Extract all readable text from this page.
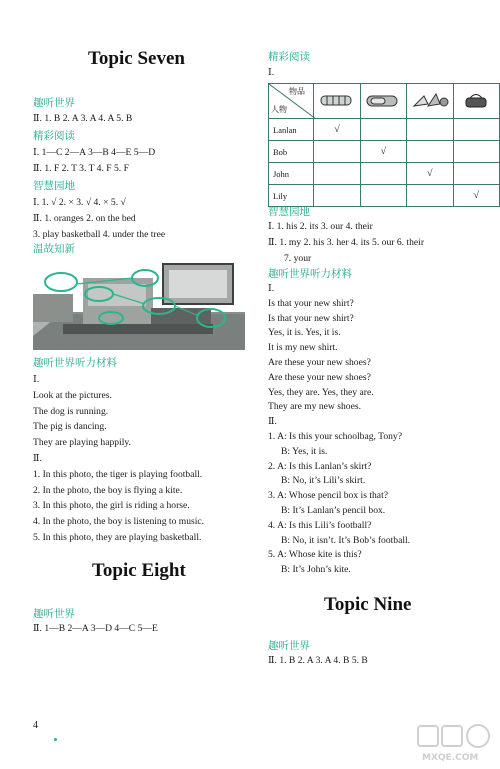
Topic Seven
趣听世界
Ⅱ. 1. B 2. A 3. A 4. A 5. B
精彩阅读
Ⅰ. 1—C 2—A 3—B 4—E 5—D
Ⅱ. 1. F 2. T 3. T 4. F 5. F
智慧园地
Ⅰ. 1. √ 2. × 3. √ 4. × 5. √
Ⅱ. 1. oranges 2. on the bed
3. play basketball 4. under the tree
温故知新
趣听世界听力材料
Ⅰ.
Look at the pictures.
The dog is running.
The pig is dancing.
They are playing happily.
Ⅱ.
1. In this photo, the tiger is playing football.
2. In the photo, the boy is flying a kite.
3. In this photo, the girl is riding a horse.
4. In the photo, the boy is listening to music.
5. In this photo, they are playing basketball.
Topic Eight
趣听世界
Ⅱ. 1—B 2—A 3—D 4—C 5—E
4
精彩阅读
Ⅰ.
物品
人物

Lanlan	√			
Bob		√		
John			√	
Lily				√
智慧园地
Ⅰ. 1. his 2. its 3. our 4. their
Ⅱ. 1. my 2. his 3. her 4. its 5. our 6. their
7. your
趣听世界听力材料
Ⅰ.
Is that your new shirt?
Is that your new shirt?
Yes, it is. Yes, it is.
It is my new shirt.
Are these your new shoes?
Are these your new shoes?
Yes, they are. Yes, they are.
They are my new shoes.
Ⅱ.
1. A: Is this your schoolbag, Tony?
B: Yes, it is.
2. A: Is this Lanlan’s skirt?
B: No, it’s Lili’s skirt.
3. A: Whose pencil box is that?
B: It’s Lanlan’s pencil box.
4. A: Is this Lili’s football?
B: No, it isn’t. It’s Bob’s football.
5. A: Whose kite is this?
B: It’s John’s kite.
Topic Nine
趣听世界
Ⅱ. 1. B 2. A 3. A 4. B 5. B
MXQE.COM
